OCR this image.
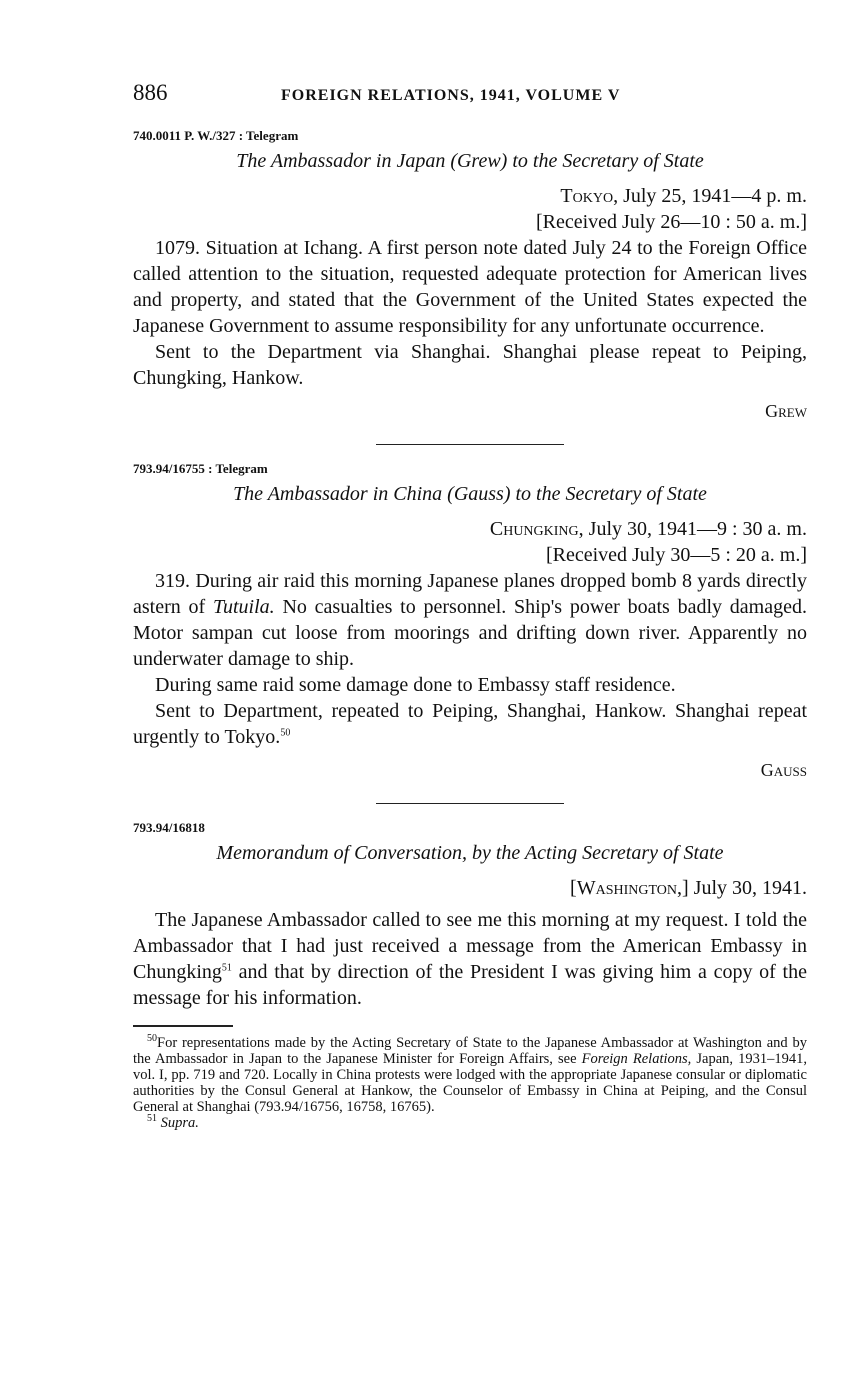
886	FOREIGN RELATIONS, 1941, VOLUME V
740.0011 P. W./327 : Telegram
The Ambassador in Japan (Grew) to the Secretary of State
Tokyo, July 25, 1941—4 p. m.
[Received July 26—10 : 50 a. m.]

1079. Situation at Ichang. A first person note dated July 24 to the Foreign Office called attention to the situation, requested adequate protection for American lives and property, and stated that the Government of the United States expected the Japanese Government to assume responsibility for any unfortunate occurrence.

Sent to the Department via Shanghai. Shanghai please repeat to Peiping, Chungking, Hankow.

Grew
793.94/16755 : Telegram
The Ambassador in China (Gauss) to the Secretary of State
Chungking, July 30, 1941—9 : 30 a. m.
[Received July 30—5 : 20 a. m.]

319. During air raid this morning Japanese planes dropped bomb 8 yards directly astern of Tutuila. No casualties to personnel. Ship's power boats badly damaged. Motor sampan cut loose from moorings and drifting down river. Apparently no underwater damage to ship.

During same raid some damage done to Embassy staff residence.

Sent to Department, repeated to Peiping, Shanghai, Hankow. Shanghai repeat urgently to Tokyo.$^{50}$

Gauss
793.94/16818
Memorandum of Conversation, by the Acting Secretary of State
[Washington,] July 30, 1941.

The Japanese Ambassador called to see me this morning at my request. I told the Ambassador that I had just received a message from the American Embassy in Chungking$^{51}$ and that by direction of the President I was giving him a copy of the message for his information.

$^{50}$For representations made by the Acting Secretary of State to the Japanese Ambassador at Washington and by the Ambassador in Japan to the Japanese Minister for Foreign Affairs, see Foreign Relations, Japan, 1931–1941, vol. I, pp. 719 and 720. Locally in China protests were lodged with the appropriate Japanese consular or diplomatic authorities by the Consul General at Hankow, the Counselor of Embassy in China at Peiping, and the Consul General at Shanghai (793.94/16756, 16758, 16765).

$^{51}$ Supra.
